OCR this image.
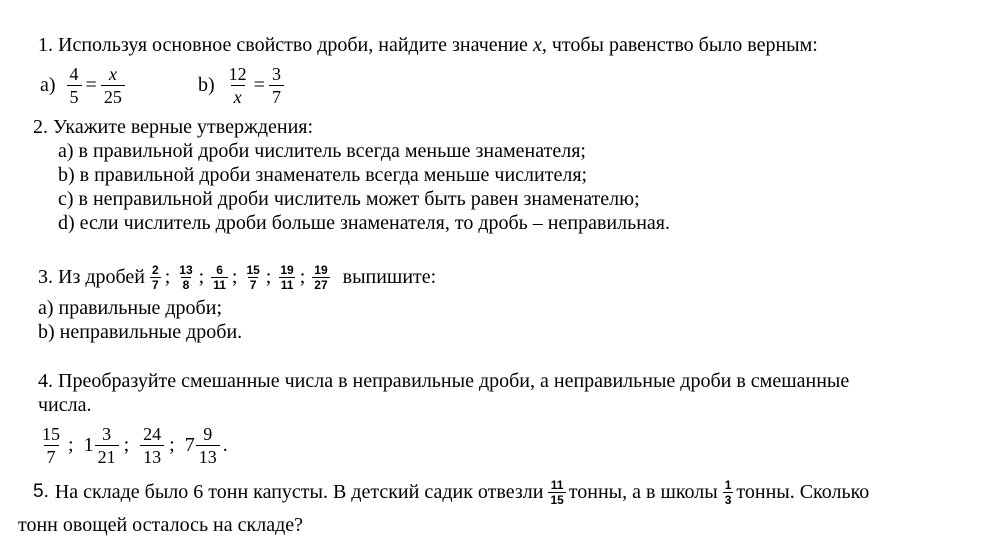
1. Используя основное свойство дроби, найдите значение x, чтобы равенство было верным:
$a) \frac{4}{5} = \frac{x}{25}$	$b) \frac{12}{x} = \frac{3}{7}$
2. Укажите верные утверждения:
a) в правильной дроби числитель всегда меньше знаменателя;
b) в правильной дроби знаменатель всегда меньше числителя;
c) в неправильной дроби числитель может быть равен знаменателю;
d) если числитель дроби больше знаменателя, то дробь – неправильная.
3. Из дробей $\frac{2}{7}$ ; $\frac{13}{8}$ ; $\frac{6}{11}$ ; $\frac{15}{7}$ ; $\frac{19}{11}$ ; $\frac{19}{27}$ выпишите:
a) правильные дроби;
b) неправильные дроби.
4. Преобразуйте смешанные числа в неправильные дроби, а неправильные дроби в смешанные
числа.
$\frac{15}{7}$ ; $1 \frac{3}{21}$ ; $\frac{24}{13}$ ; $7 \frac{9}{13}$ .
5. На складе было 6 тонн капусты. В детский садик отвезли $\frac{11}{15}$ тонны, а в школы $\frac{1}{3}$ тонны. Сколько
тонн овощей осталось на складе?
